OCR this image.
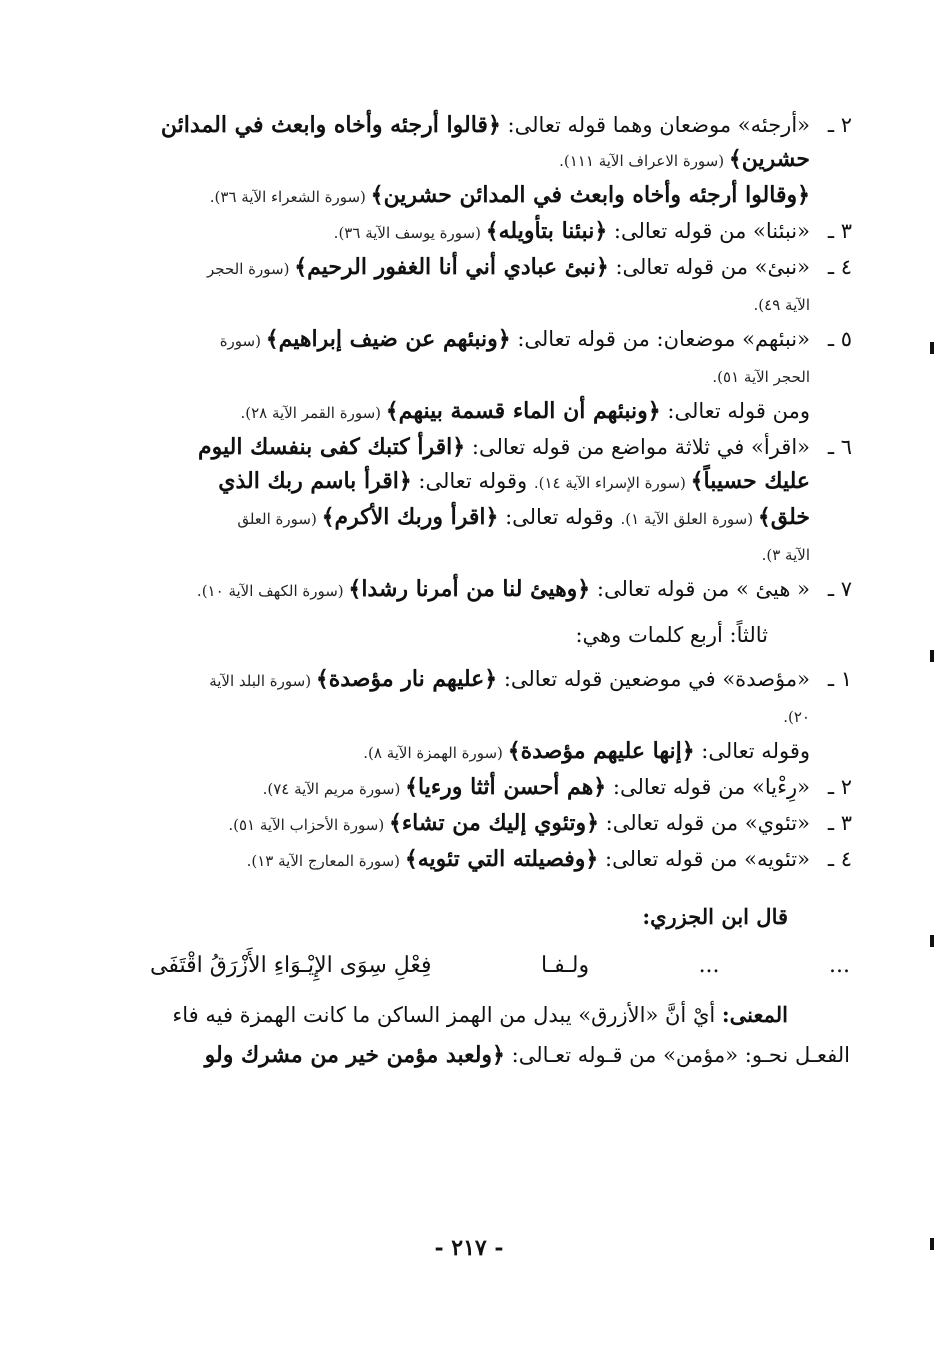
٢ ـ
«أرجئه» موضعان وهما قوله تعالى: ﴿قالوا أرجئه وأخاه وابعث في المدائن
حشرين﴾ (سورة الاعراف الآية ١١١).
﴿وقالوا أرجئه وأخاه وابعث في المدائن حشرين﴾ (سورة الشعراء الآية ٣٦).
٣ ـ
«نبئنا» من قوله تعالى: ﴿نبئنا بتأويله﴾ (سورة يوسف الآية ٣٦).
٤ ـ
«نبئ» من قوله تعالى: ﴿نبئ عبادي أني أنا الغفور الرحيم﴾ (سورة الحجر
الآية ٤٩).
٥ ـ
«نبئهم» موضعان: من قوله تعالى: ﴿ونبئهم عن ضيف إبراهيم﴾ (سورة
الحجر الآية ٥١).
ومن قوله تعالى: ﴿ونبئهم أن الماء قسمة بينهم﴾ (سورة القمر الآية ٢٨).
٦ ـ
«اقرأ» في ثلاثة مواضع من قوله تعالى: ﴿اقرأ كتبك كفى بنفسك اليوم
عليك حسيباً﴾ (سورة الإسراء الآية ١٤). وقوله تعالى: ﴿اقرأ باسم ربك الذي
خلق﴾ (سورة العلق الآية ١). وقوله تعالى: ﴿اقرأ وربك الأكرم﴾ (سورة العلق
الآية ٣).
٧ ـ
« هيئ » من قوله تعالى: ﴿وهيئ لنا من أمرنا رشدا﴾ (سورة الكهف الآية ١٠).
ثالثاً: أربع كلمات وهي:
١ ـ
«مؤصدة» في موضعين قوله تعالى: ﴿عليهم نار مؤصدة﴾ (سورة البلد الآية
٢٠).
وقوله تعالى: ﴿إنها عليهم مؤصدة﴾ (سورة الهمزة الآية ٨).
٢ ـ
«رِءْيا» من قوله تعالى: ﴿هم أحسن أثثا ورءيا﴾ (سورة مريم الآية ٧٤).
٣ ـ
«تئوي» من قوله تعالى: ﴿وتئوي إليك من تشاء﴾ (سورة الأحزاب الآية ٥١).
٤ ـ
«تئويه» من قوله تعالى: ﴿وفصيلته التي تئويه﴾ (سورة المعارج الآية ١٣).
قال ابن الجزري:
...
...
ولـفـا
فِعْلِ سِوَى الإِيْـوَاءِ الأَزْرَقُ اقْتَفَى
المعنى: أيْ أنَّ «الأزرق» يبدل من الهمز الساكن ما كانت الهمزة فيه فاء
الفعـل نحـو: «مؤمن» من قـوله تعـالى: ﴿ولعبد مؤمن خير من مشرك ولو
- ٢١٧ -
